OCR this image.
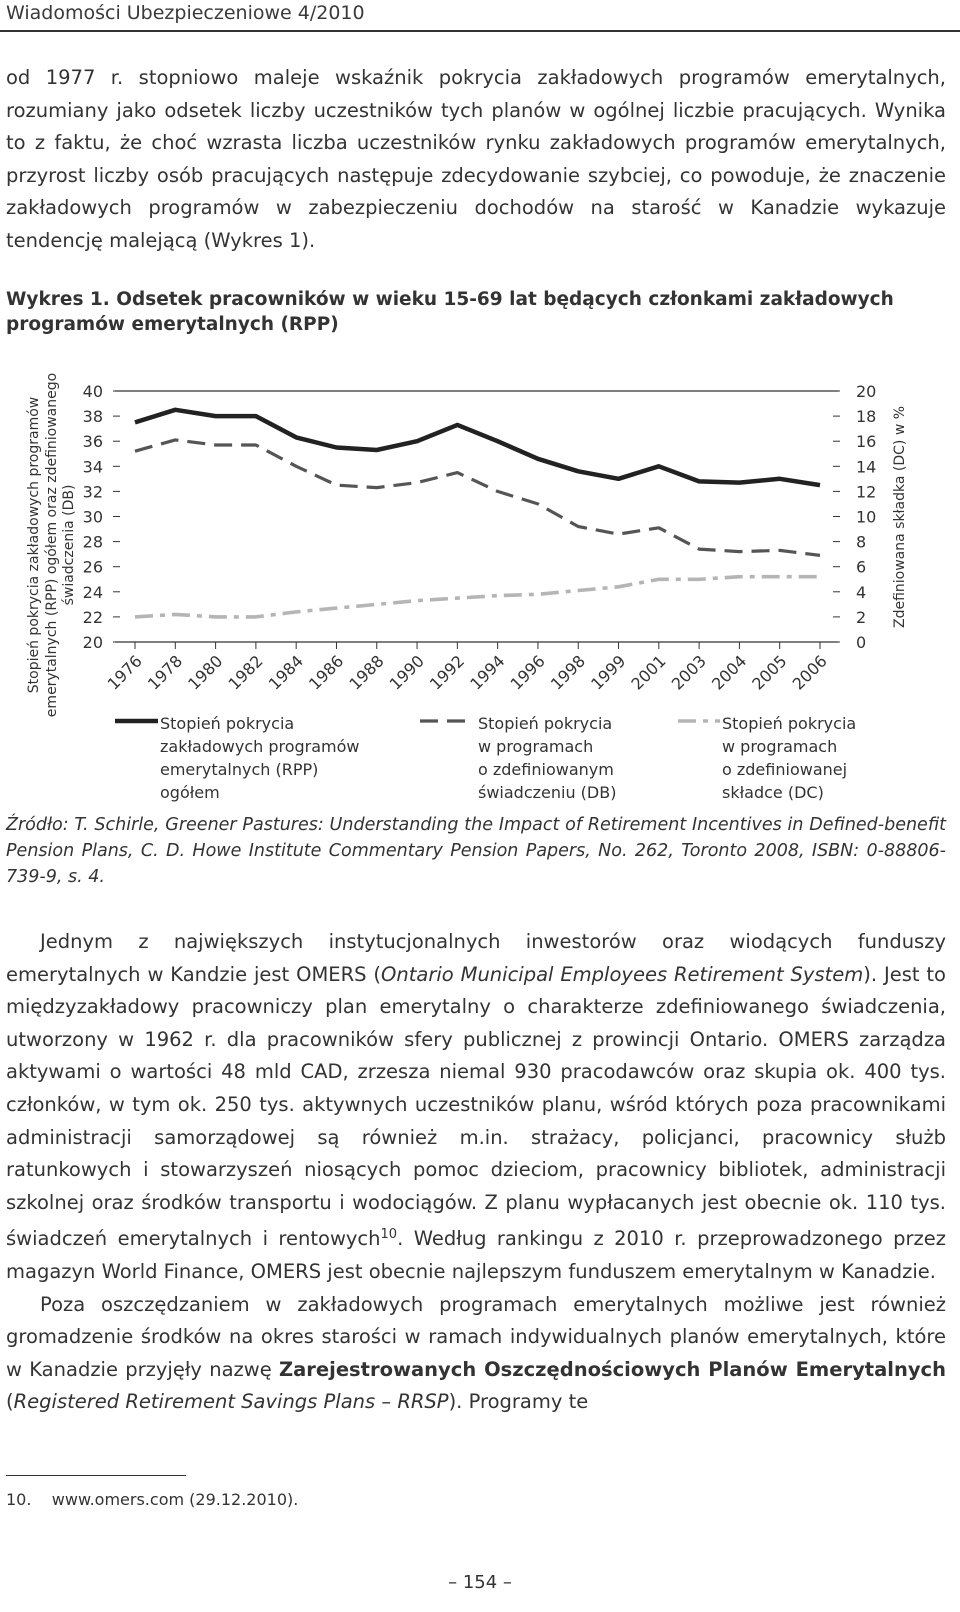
Wiadomości Ubezpieczeniowe 4/2010

od 1977 r. stopniowo maleje wskaźnik pokrycia zakładowych programów emerytalnych, rozumiany jako odsetek liczby uczestników tych planów w ogólnej liczbie pracujących. Wynika to z faktu, że choć wzrasta liczba uczestników rynku zakładowych programów emerytalnych, przyrost liczby osób pracujących następuje zdecydowanie szybciej, co powoduje, że znaczenie zakładowych programów w zabezpieczeniu dochodów na starość w Kanadzie wykazuje tendencję malejącą (Wykres 1).

Wykres 1. Odsetek pracowników w wieku 15-69 lat będących członkami zakładowych programów emerytalnych (RPP)
Stopień pokrycia zakładowych programów emerytalnych (RPP) ogółem oraz zdefiniowanego świadczenia (DB)
40
38
36
34
32
30
28
26
24
22
20
20
18
16
14
12
10
8
6
4
2
0
Zdefiniowana składka (DC) w %
1976
1978
1980
1982
1984
1986
1988
1990
1992
1994
1996
1998
1999
2001
2003
2004
2005
2006
Stopień pokrycia
zakładowych programów
emerytalnych (RPP)
ogółem
Stopień pokrycia
w programach
o zdefiniowanym
świadczeniu (DB)
Stopień pokrycia
w programach
o zdefiniowanej
składce (DC)
Źródło: T. Schirle, Greener Pastures: Understanding the Impact of Retirement Incentives in Defined-benefit Pension Plans, C. D. Howe Institute Commentary Pension Papers, No. 262, Toronto 2008, ISBN: 0-88806-739-9, s. 4.

Jednym z największych instytucjonalnych inwestorów oraz wiodących funduszy emerytalnych w Kandzie jest OMERS (Ontario Municipal Employees Retirement System). Jest to międzyzakładowy pracowniczy plan emerytalny o charakterze zdefiniowanego świadczenia, utworzony w 1962 r. dla pracowników sfery publicznej z prowincji Ontario. OMERS zarządza aktywami o wartości 48 mld CAD, zrzesza niemal 930 pracodawców oraz skupia ok. 400 tys. członków, w tym ok. 250 tys. aktywnych uczestników planu, wśród których poza pracownikami administracji samorządowej są również m.in. strażacy, policjanci, pracownicy służb ratunkowych i stowarzyszeń niosących pomoc dzieciom, pracownicy bibliotek, administracji szkolnej oraz środków transportu i wodociągów. Z planu wypłacanych jest obecnie ok. 110 tys. świadczeń emerytalnych i rentowych$^{10}$. Według rankingu z 2010 r. przeprowadzonego przez magazyn World Finance, OMERS jest obecnie najlepszym funduszem emerytalnym w Kanadzie.

Poza oszczędzaniem w zakładowych programach emerytalnych możliwe jest również gromadzenie środków na okres starości w ramach indywidualnych planów emerytalnych, które w Kanadzie przyjęły nazwę Zarejestrowanych Oszczędnościowych Planów Emerytalnych (Registered Retirement Savings Plans – RRSP). Programy te

10. www.omers.com (29.12.2010).
– 154 –
